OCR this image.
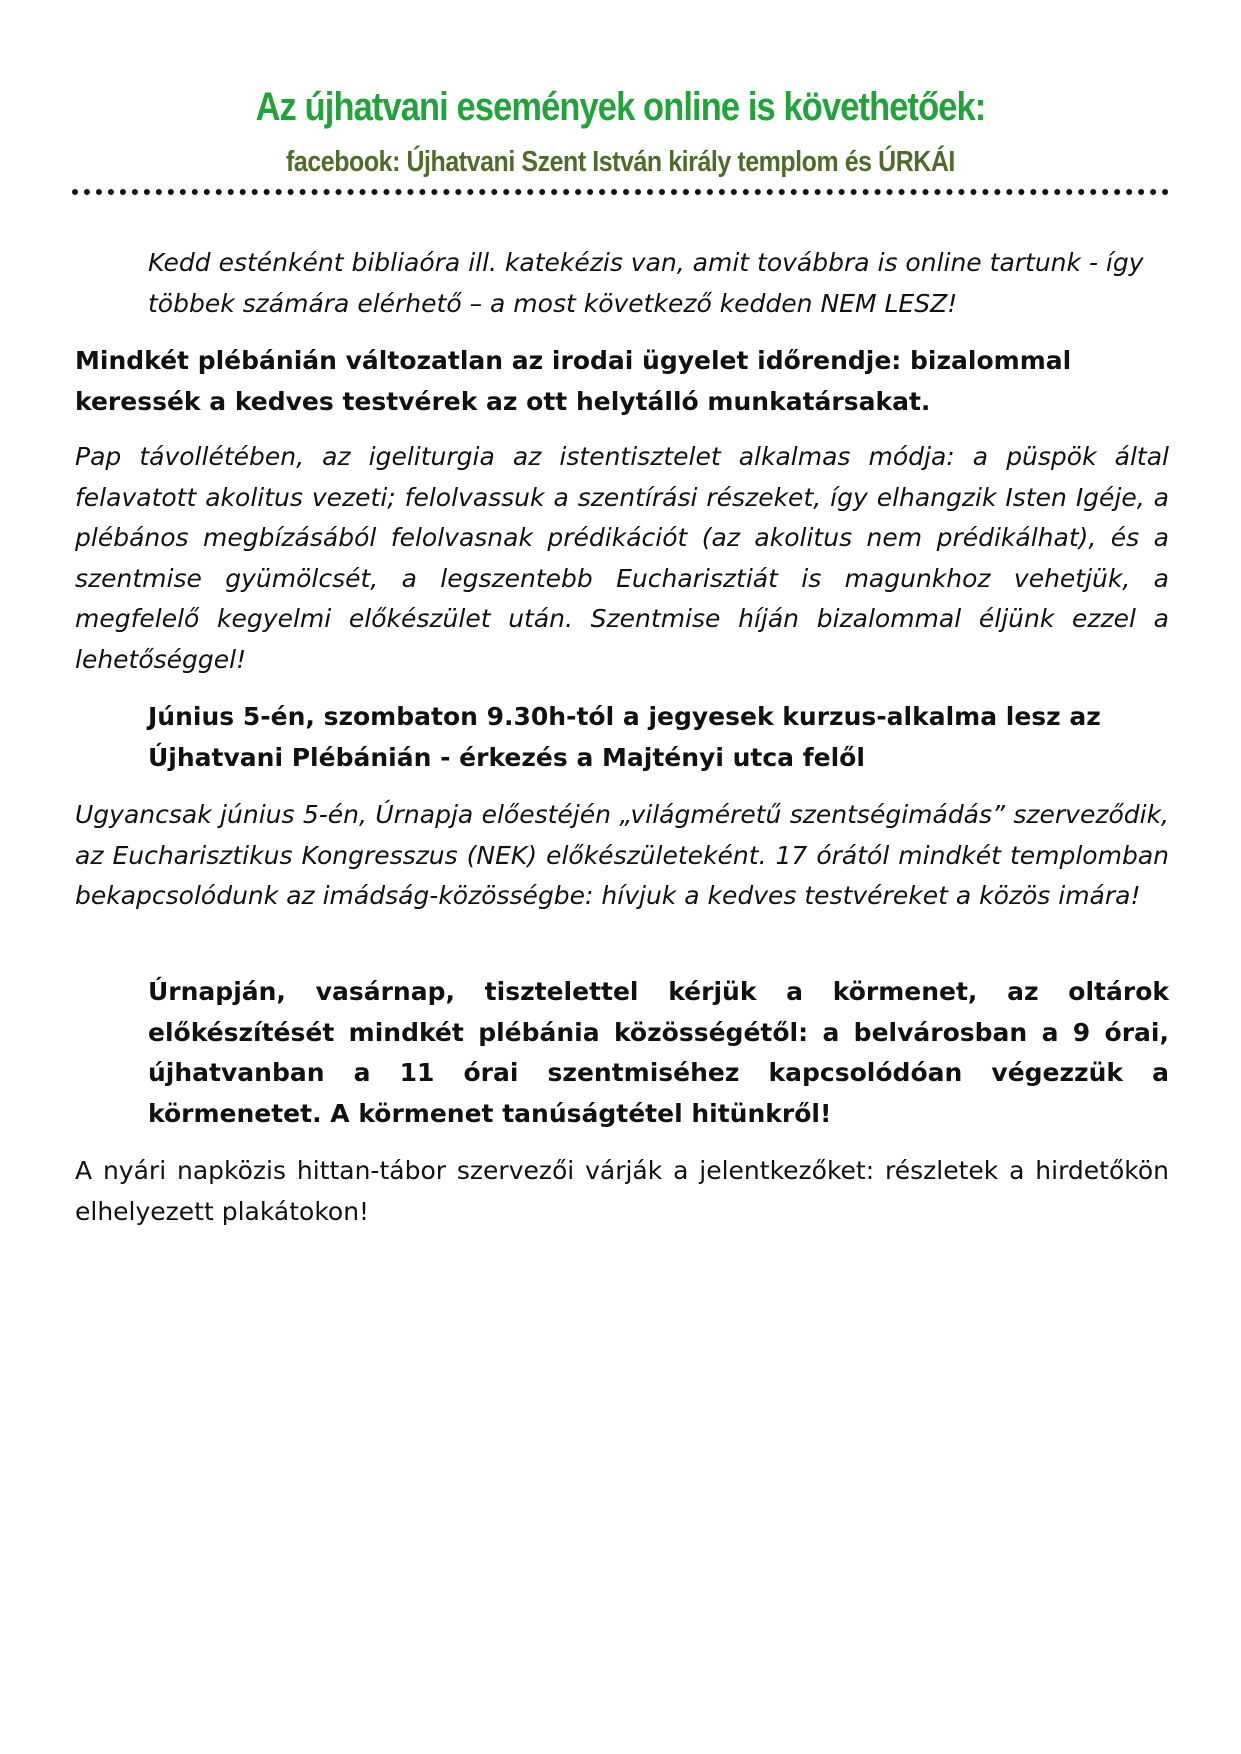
Az újhatvani események online is követhetőek:
facebook: Újhatvani Szent István király templom és ÚRKÁI

Kedd esténként bibliaóra ill. katekézis van, amit továbbra is online tartunk - így többek számára elérhető – a most következő kedden NEM LESZ!

Mindkét plébánián változatlan az irodai ügyelet időrendje: bizalommal keressék a kedves testvérek az ott helytálló munkatársakat.

Pap távollétében, az igeliturgia az istentisztelet alkalmas módja: a püspök által felavatott akolitus vezeti; felolvassuk a szentírási részeket, így elhangzik Isten Igéje, a plébános megbízásából felolvasnak prédikációt (az akolitus nem prédikálhat), és a szentmise gyümölcsét, a legszentebb Eucharisztiát is magunkhoz vehetjük, a megfelelő kegyelmi előkészület után. Szentmise híján bizalommal éljünk ezzel a lehetőséggel!

Június 5-én, szombaton 9.30h-tól a jegyesek kurzus-alkalma lesz az Újhatvani Plébánián - érkezés a Majtényi utca felől

Ugyancsak június 5-én, Úrnapja előestéjén „világméretű szentségimádás” szerveződik, az Eucharisztikus Kongresszus (NEK) előkészületeként. 17 órától mindkét templomban bekapcsolódunk az imádság-közösségbe: hívjuk a kedves testvéreket a közös imára!

Úrnapján, vasárnap, tisztelettel kérjük a körmenet, az oltárok előkészítését mindkét plébánia közösségétől: a belvárosban a 9 órai, újhatvanban a 11 órai szentmiséhez kapcsolódóan végezzük a körmenetet. A körmenet tanúságtétel hitünkről!

A nyári napközis hittan-tábor szervezői várják a jelentkezőket: részletek a hirdetőkön elhelyezett plakátokon!
